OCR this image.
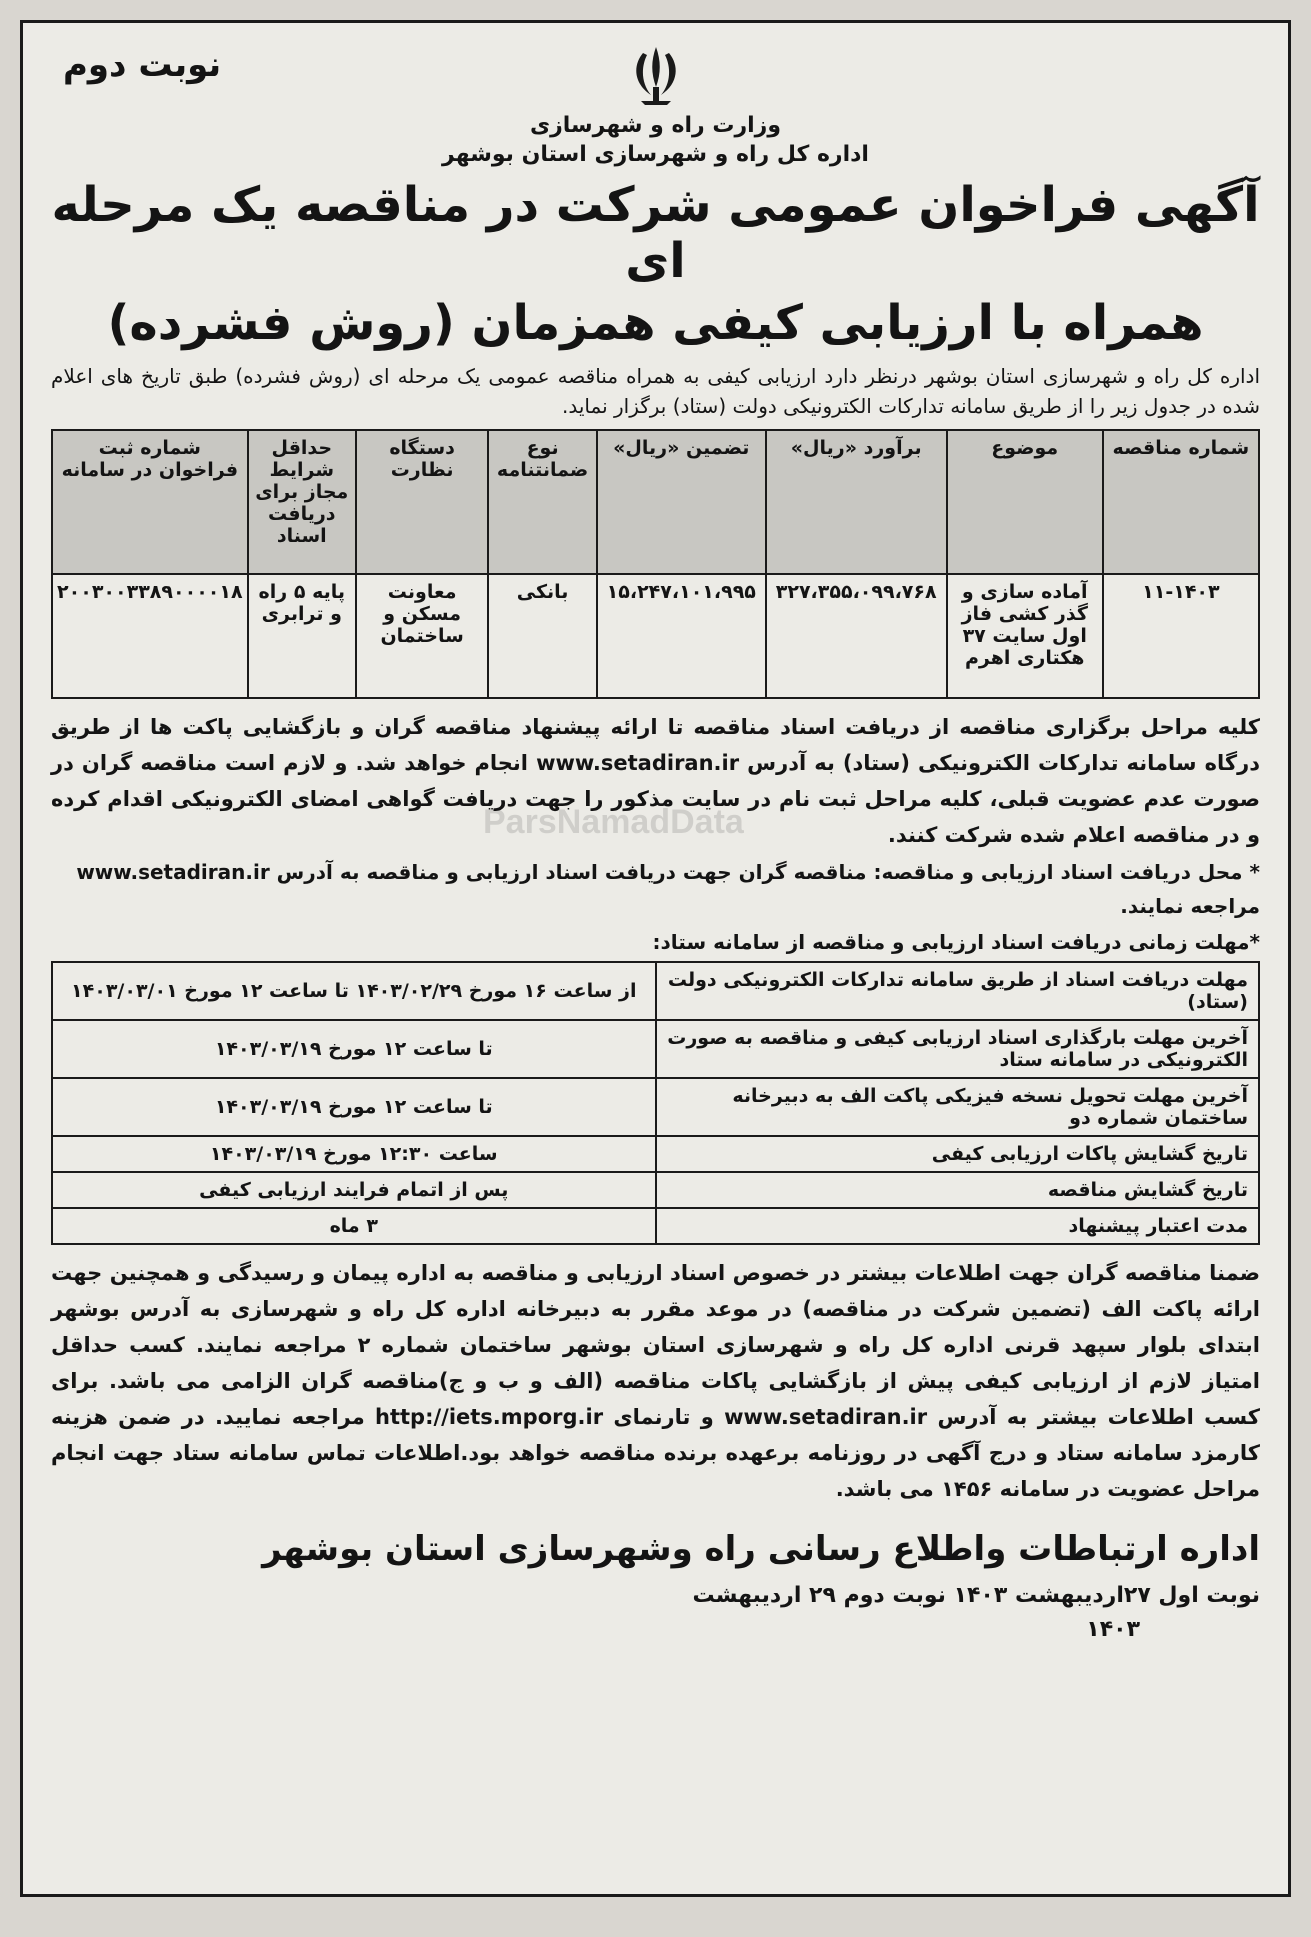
نوبت دوم
وزارت راه و شهرسازی
اداره کل راه و شهرسازی استان بوشهر
آگهی فراخوان عمومی شرکت در مناقصه یک مرحله ای
همراه با ارزیابی کیفی همزمان (روش فشرده)
اداره کل راه و شهرسازی استان بوشهر درنظر دارد ارزیابی کیفی به همراه مناقصه عمومی یک مرحله ای (روش فشرده) طبق تاریخ های اعلام شده در جدول زیر را از طریق سامانه تدارکات الکترونیکی دولت (ستاد) برگزار نماید.
شماره مناقصه	موضوع	برآورد «ریال»	تضمین «ریال»	نوع ضمانتنامه	دستگاه نظارت	حداقل شرایط مجاز برای دریافت اسناد	شماره ثبت فراخوان در سامانه
۱۱-۱۴۰۳	آماده سازی و گذر کشی فاز اول سایت ۳۷ هکتاری اهرم	۳۲۷،۳۵۵،۰۹۹،۷۶۸	۱۵،۲۴۷،۱۰۱،۹۹۵	بانکی	معاونت مسکن و ساختمان	پایه ۵ راه و ترابری	۲۰۰۳۰۰۳۳۸۹۰۰۰۰۱۸
کلیه مراحل برگزاری مناقصه از دریافت اسناد مناقصه تا ارائه پیشنهاد مناقصه گران و بازگشایی پاکت ها از طریق درگاه سامانه تدارکات الکترونیکی (ستاد) به آدرس www.setadiran.ir انجام خواهد شد. و لازم است مناقصه گران در صورت عدم عضویت قبلی، کلیه مراحل ثبت نام در سایت مذکور را جهت دریافت گواهی امضای الکترونیکی اقدام کرده و در مناقصه اعلام شده شرکت کنند.
* محل دریافت اسناد ارزیابی و مناقصه: مناقصه گران جهت دریافت اسناد ارزیابی و مناقصه به آدرس www.setadiran.ir مراجعه نمایند.
*مهلت زمانی دریافت اسناد ارزیابی و مناقصه از سامانه ستاد:
مهلت دریافت اسناد از طریق سامانه تدارکات الکترونیکی دولت (ستاد)	از ساعت ۱۶ مورخ ۱۴۰۳/۰۲/۲۹ تا ساعت ۱۲ مورخ ۱۴۰۳/۰۳/۰۱
آخرین مهلت بارگذاری اسناد ارزیابی کیفی و مناقصه به صورت الکترونیکی در سامانه ستاد	تا ساعت ۱۲ مورخ ۱۴۰۳/۰۳/۱۹
آخرین مهلت تحویل نسخه فیزیکی پاکت الف به دبیرخانه ساختمان شماره دو	تا ساعت ۱۲ مورخ ۱۴۰۳/۰۳/۱۹
تاریخ گشایش پاکات ارزیابی کیفی	ساعت ۱۲:۳۰ مورخ ۱۴۰۳/۰۳/۱۹
تاریخ گشایش مناقصه	پس از اتمام فرایند ارزیابی کیفی
مدت اعتبار پیشنهاد	۳ ماه
ضمنا مناقصه گران جهت اطلاعات بیشتر در خصوص اسناد ارزیابی و مناقصه به اداره پیمان و رسیدگی و همچنین جهت ارائه پاکت الف (تضمین شرکت در مناقصه) در موعد مقرر به دبیرخانه اداره کل راه و شهرسازی به آدرس بوشهر ابتدای بلوار سپهد قرنی اداره کل راه و شهرسازی استان بوشهر ساختمان شماره ۲ مراجعه نمایند. کسب حداقل امتیاز لازم از ارزیابی کیفی پیش از بازگشایی پاکات مناقصه (الف و ب و ج)مناقصه گران الزامی می باشد. برای کسب اطلاعات بیشتر به آدرس www.setadiran.ir و تارنمای http://iets.mporg.ir مراجعه نمایید. در ضمن هزینه کارمزد سامانه ستاد و درج آگهی در روزنامه برعهده برنده مناقصه خواهد بود.اطلاعات تماس سامانه ستاد جهت انجام مراحل عضویت در سامانه ۱۴۵۶ می باشد.
اداره ارتباطات واطلاع رسانی راه وشهرسازی استان بوشهر
نوبت اول ۲۷اردیبهشت ۱۴۰۳ نوبت دوم ۲۹ اردیبهشت
۱۴۰۳
ParsNamadData
